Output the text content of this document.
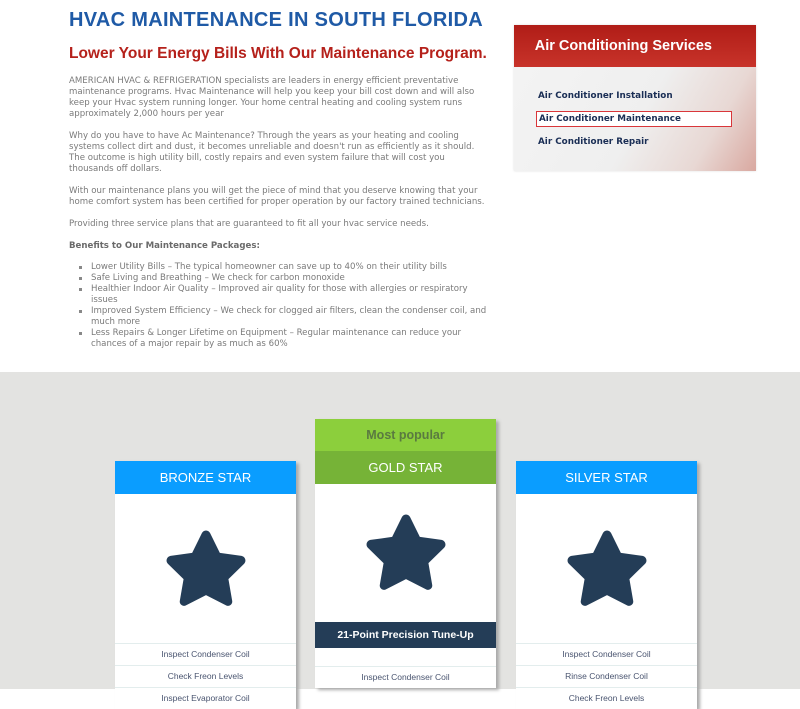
HVAC MAINTENANCE IN SOUTH FLORIDA
Lower Your Energy Bills With Our Maintenance Program.

AMERICAN HVAC & REFRIGERATION specialists are leaders in energy efficient preventative maintenance programs. Hvac Maintenance will help you keep your bill cost down and will also keep your Hvac system running longer. Your home central heating and cooling system runs approximately 2,000 hours per year

Why do you have to have Ac Maintenance? Through the years as your heating and cooling systems collect dirt and dust, it becomes unreliable and doesn't run as efficiently as it should. The outcome is high utility bill, costly repairs and even system failure that will cost you thousands off dollars.

With our maintenance plans you will get the piece of mind that you deserve knowing that your home comfort system has been certified for proper operation by our factory trained technicians.

Providing three service plans that are guaranteed to fit all your hvac service needs.

Benefits to Our Maintenance Packages:

Lower Utility Bills – The typical homeowner can save up to 40% on their utility bills
Safe Living and Breathing – We check for carbon monoxide
Healthier Indoor Air Quality – Improved air quality for those with allergies or respiratory issues
Improved System Efficiency – We check for clogged air filters, clean the condenser coil, and much more
Less Repairs & Longer Lifetime on Equipment – Regular maintenance can reduce your chances of a major repair by as much as 60%
Air Conditioning Services
Air Conditioner Installation
Air Conditioner Maintenance
Air Conditioner Repair
BRONZE STAR
Inspect Condenser Coil
Check Freon Levels
Inspect Evaporator Coil
Most popular
GOLD STAR
21-Point Precision Tune-Up
Inspect Condenser Coil
SILVER STAR
Inspect Condenser Coil
Rinse Condenser Coil
Check Freon Levels
